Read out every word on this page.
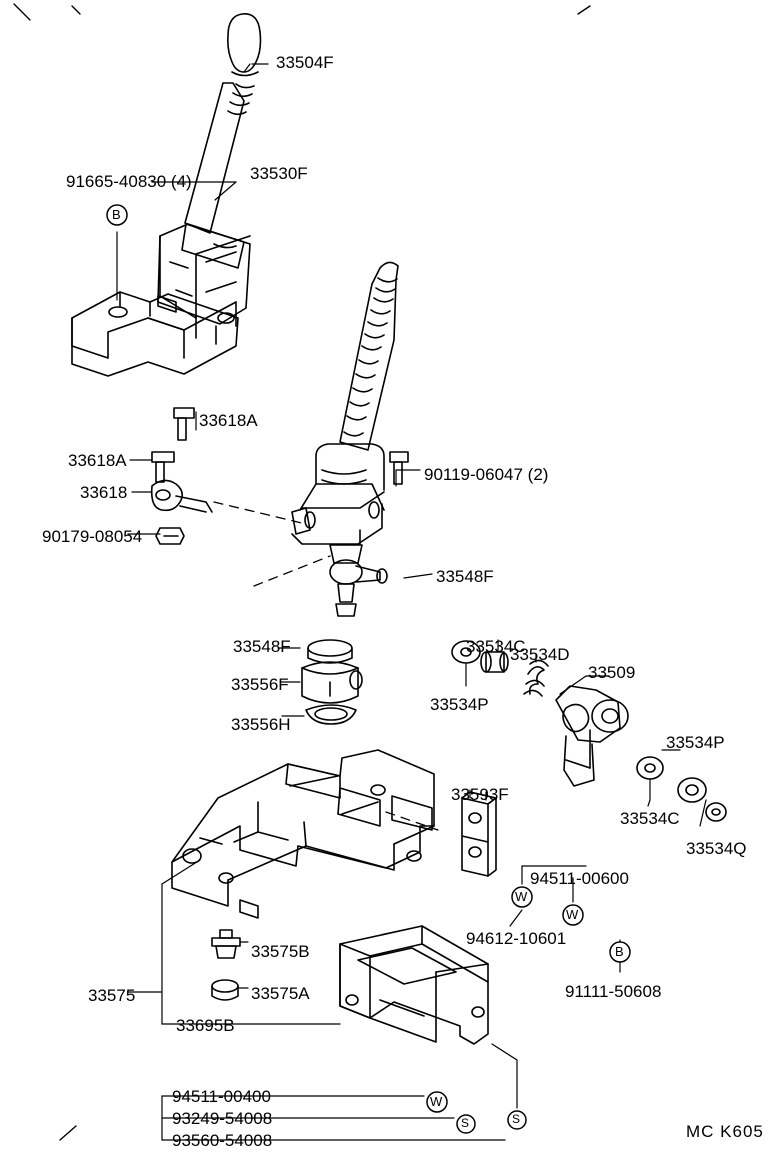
33504F
33530F
91665-40830 (4)
33618A
33618A
33618
90179-08054
90119-06047 (2)
33548F
33534C
33534D
33509
33534P
33548F
33556F
33556H
33534P
33534C
33534Q
33593F
94511-00600
94612-10601
91111-50608
33575B
33575A
33575
33695B
94511-00400
93249-54008
93560-54008
B
B
W
W
W
S	S
MC K605
